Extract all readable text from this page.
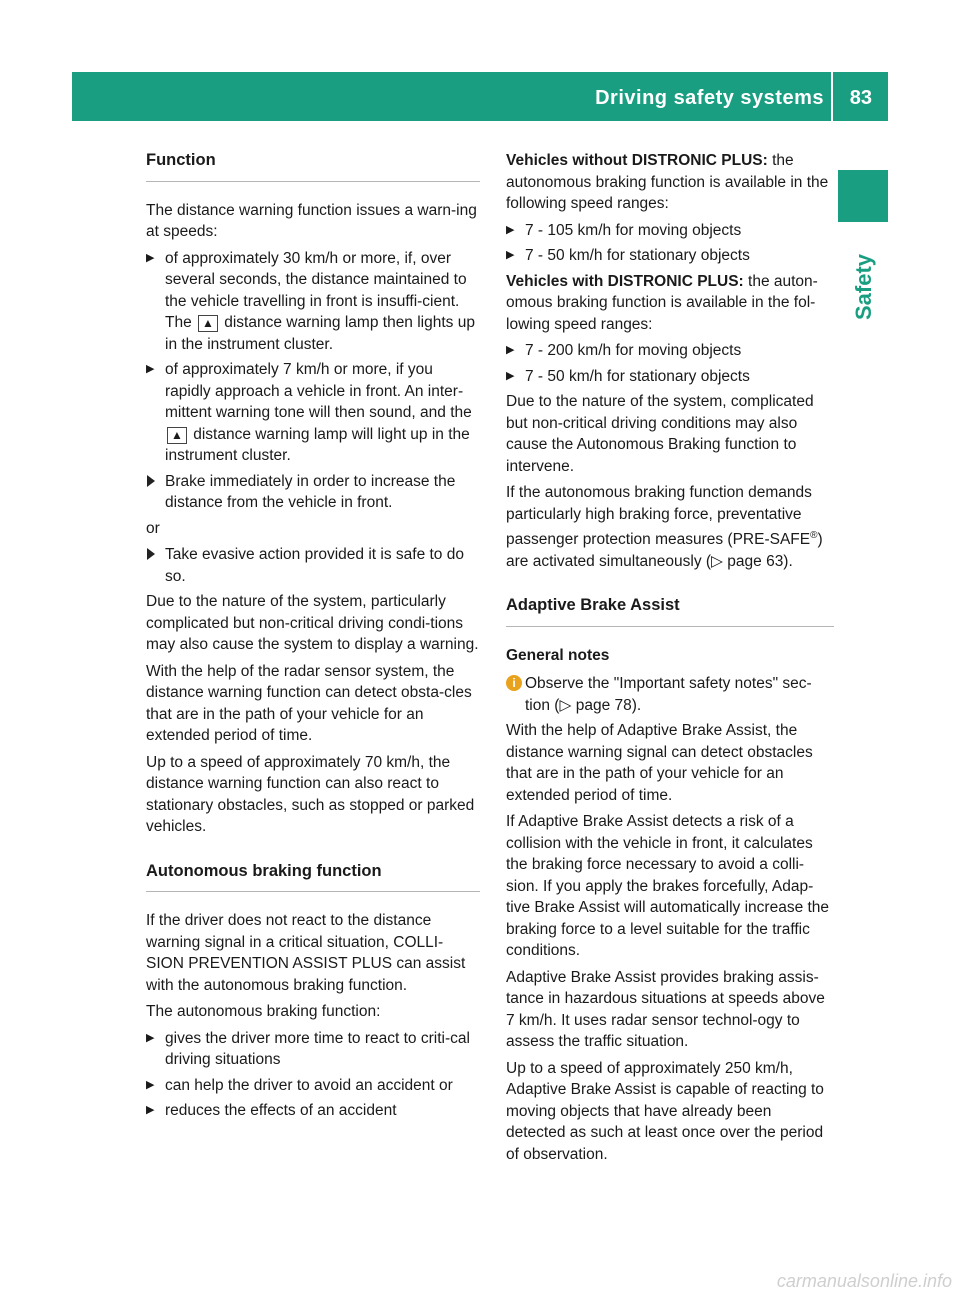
Driving safety systems 83
Safety
Function

The distance warning function issues a warn-ing at speeds:

▶ of approximately 30 km/h or more, if, over several seconds, the distance maintained to the vehicle travelling in front is insuffi-cient. The ▲ distance warning lamp then lights up in the instrument cluster.
▶ of approximately 7 km/h or more, if you rapidly approach a vehicle in front. An inter-mittent warning tone will then sound, and the ▲ distance warning lamp will light up in the instrument cluster.
Brake immediately in order to increase the distance from the vehicle in front.

or

Take evasive action provided it is safe to do so.

Due to the nature of the system, particularly complicated but non-critical driving condi-tions may also cause the system to display a warning.

With the help of the radar sensor system, the distance warning function can detect obsta-cles that are in the path of your vehicle for an extended period of time.

Up to a speed of approximately 70 km/h, the distance warning function can also react to stationary obstacles, such as stopped or parked vehicles.

Autonomous braking function

If the driver does not react to the distance warning signal in a critical situation, COLLI-SION PREVENTION ASSIST PLUS can assist with the autonomous braking function.

The autonomous braking function:

▶ gives the driver more time to react to criti-cal driving situations
▶ can help the driver to avoid an accident or
▶ reduces the effects of an accident

Vehicles without DISTRONIC PLUS: the autonomous braking function is available in the following speed ranges:

▶ 7 - 105 km/h for moving objects
▶ 7 - 50 km/h for stationary objects

Vehicles with DISTRONIC PLUS: the auton-omous braking function is available in the fol-lowing speed ranges:

▶ 7 - 200 km/h for moving objects
▶ 7 - 50 km/h for stationary objects

Due to the nature of the system, complicated but non-critical driving conditions may also cause the Autonomous Braking function to intervene.

If the autonomous braking function demands particularly high braking force, preventative passenger protection measures (PRE-SAFE®) are activated simultaneously (▷ page 63).

Adaptive Brake Assist
General notes
i Observe the "Important safety notes" sec-tion (▷ page 78).

With the help of Adaptive Brake Assist, the distance warning signal can detect obstacles that are in the path of your vehicle for an extended period of time.

If Adaptive Brake Assist detects a risk of a collision with the vehicle in front, it calculates the braking force necessary to avoid a colli-sion. If you apply the brakes forcefully, Adap-tive Brake Assist will automatically increase the braking force to a level suitable for the traffic conditions.

Adaptive Brake Assist provides braking assis-tance in hazardous situations at speeds above 7 km/h. It uses radar sensor technol-ogy to assess the traffic situation.

Up to a speed of approximately 250 km/h, Adaptive Brake Assist is capable of reacting to moving objects that have already been detected as such at least once over the period of observation.

carmanualsonline.info
